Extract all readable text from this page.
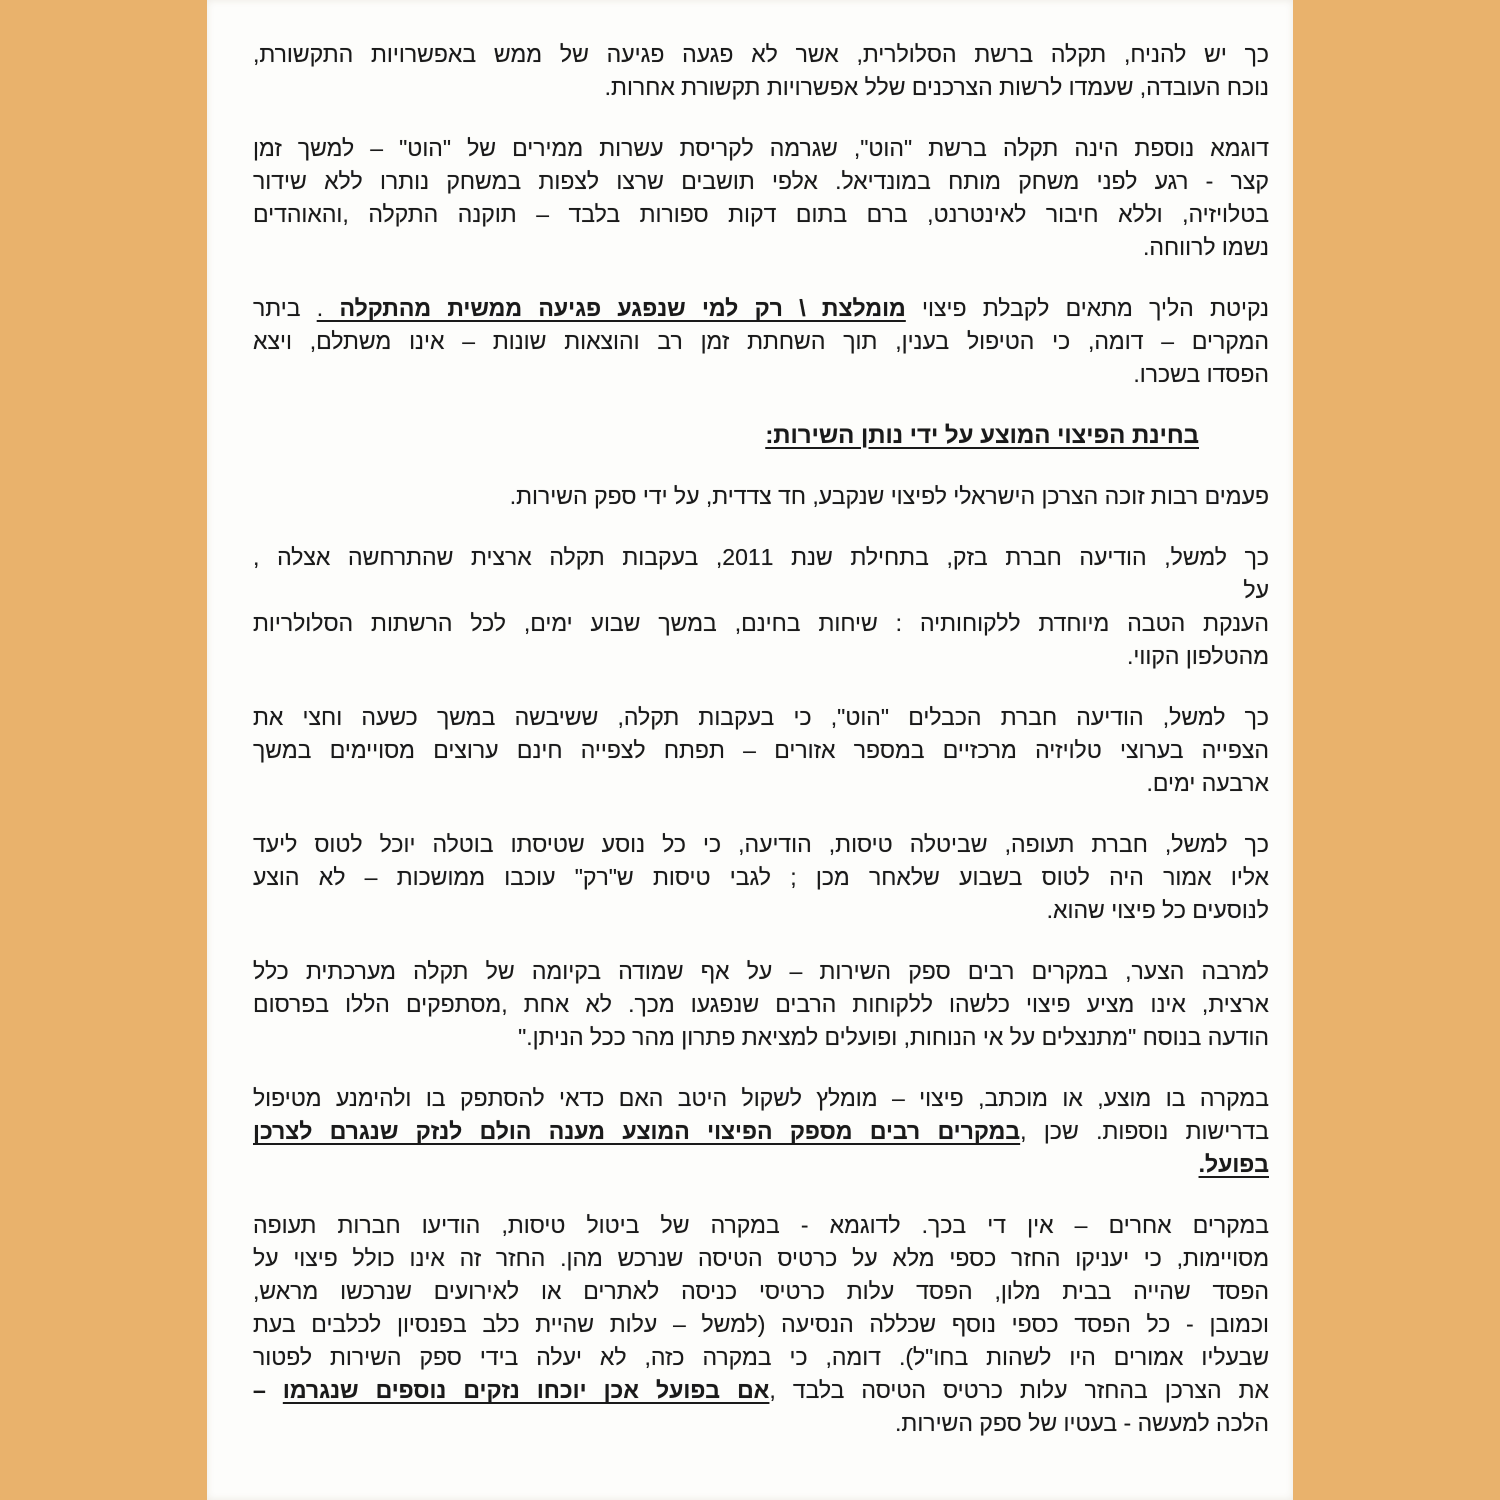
כך יש להניח, תקלה ברשת הסלולרית, אשר לא פגעה פגיעה של ממש באפשרויות התקשורת,
נוכח העובדה, שעמדו לרשות הצרכנים שלל אפשרויות תקשורת אחרות.
דוגמא נוספת הינה תקלה ברשת "הוט", שגרמה לקריסת עשרות ממירים של "הוט" – למשך זמן
קצר - רגע לפני משחק מותח במונדיאל. אלפי תושבים שרצו לצפות במשחק נותרו ללא שידור
בטלויזיה, וללא חיבור לאינטרנט, ברם בתום דקות ספורות בלבד – תוקנה התקלה ,והאוהדים
נשמו לרווחה.
נקיטת הליך מתאים לקבלת פיצוי מומלצת \ רק למי שנפגע פגיעה ממשית מהתקלה . ביתר
המקרים – דומה, כי הטיפול בענין, תוך השחתת זמן רב והוצאות שונות – אינו משתלם, ויצא
הפסדו בשכרו.
בחינת הפיצוי המוצע על ידי נותן השירות:
פעמים רבות זוכה הצרכן הישראלי לפיצוי שנקבע, חד צדדית, על ידי ספק השירות.
כך למשל, הודיעה חברת בזק, בתחילת שנת 2011, בעקבות תקלה ארצית שהתרחשה אצלה ,
על
הענקת הטבה מיוחדת ללקוחותיה : שיחות בחינם, במשך שבוע ימים, לכל הרשתות הסלולריות
מהטלפון הקווי.
כך למשל, הודיעה חברת הכבלים "הוט", כי בעקבות תקלה, ששיבשה במשך כשעה וחצי את
הצפייה בערוצי טלויזיה מרכזיים במספר אזורים – תפתח לצפייה חינם ערוצים מסויימים במשך
ארבעה ימים.
כך למשל, חברת תעופה, שביטלה טיסות, הודיעה, כי כל נוסע שטיסתו בוטלה יוכל לטוס ליעד
אליו אמור היה לטוס בשבוע שלאחר מכן ; לגבי טיסות ש"רק" עוכבו ממושכות – לא הוצע
לנוסעים כל פיצוי שהוא.
למרבה הצער, במקרים רבים ספק השירות – על אף שמודה בקיומה של תקלה מערכתית כלל
ארצית, אינו מציע פיצוי כלשהו ללקוחות הרבים שנפגעו מכך. לא אחת ,מסתפקים הללו בפרסום
הודעה בנוסח "מתנצלים על אי הנוחות, ופועלים למציאת פתרון מהר ככל הניתן."
במקרה בו מוצע, או מוכתב, פיצוי – מומלץ לשקול היטב האם כדאי להסתפק בו ולהימנע מטיפול
בדרישות נוספות. שכן ,במקרים רבים מספק הפיצוי המוצע מענה הולם לנזק שנגרם לצרכן
בפועל.
במקרים אחרים – אין די בכך. לדוגמא - במקרה של ביטול טיסות, הודיעו חברות תעופה
מסויימות, כי יעניקו החזר כספי מלא על כרטיס הטיסה שנרכש מהן. החזר זה אינו כולל פיצוי על
הפסד שהייה בבית מלון, הפסד עלות כרטיסי כניסה לאתרים או לאירועים שנרכשו מראש,
וכמובן - כל הפסד כספי נוסף שכללה הנסיעה (למשל – עלות שהיית כלב בפנסיון לכלבים בעת
שבעליו אמורים היו לשהות בחו"ל). דומה, כי במקרה כזה, לא יעלה בידי ספק השירות לפטור
את הצרכן בהחזר עלות כרטיס הטיסה בלבד ,אם בפועל אכן יוכחו נזקים נוספים שנגרמו –
הלכה למעשה - בעטיו של ספק השירות.
